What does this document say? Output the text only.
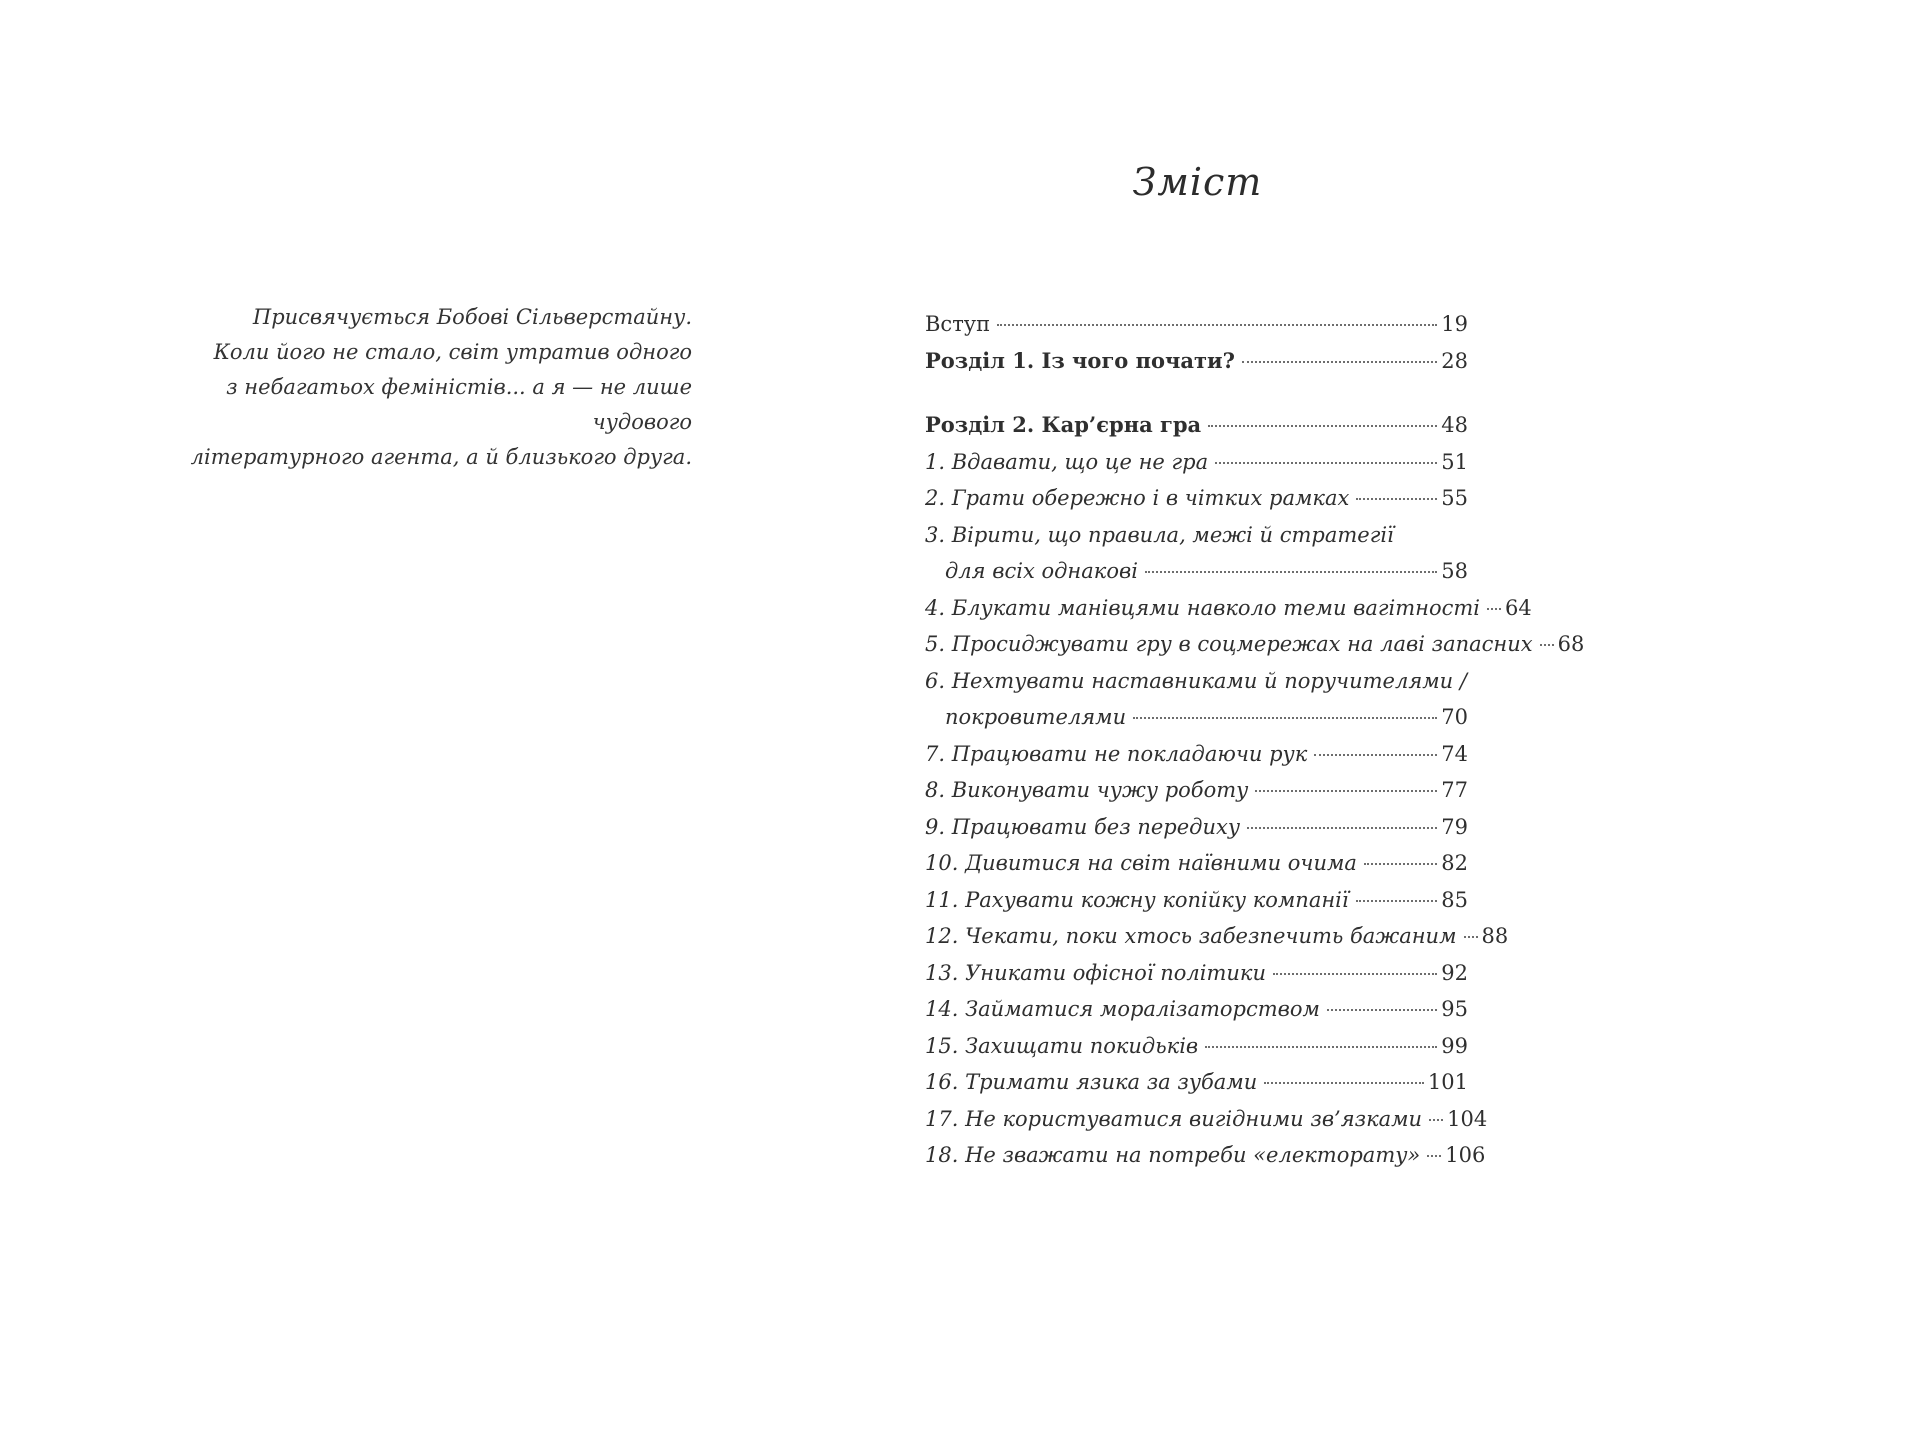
Присвячується Бобові Сільверстайну.
Коли його не стало, світ утратив одного
з небагатьох феміністів... а я — не лише чудового
літературного агента, а й близького друга.
Зміст
Вступ	19
Розділ 1. Із чого почати?	28
Розділ 2. Кар’єрна гра	48
1. Вдавати, що це не гра	51
2. Грати обережно і в чітких рамках	55
3. Вірити, що правила, межі й стратегії
для всіх однакові	58
4. Блукати манівцями навколо теми вагітності 64
5. Просиджувати гру в соцмережах на лаві запасних 68
6. Нехтувати наставниками й поручителями /
покровителями	70
7. Працювати не покладаючи рук	74
8. Виконувати чужу роботу	77
9. Працювати без передиху	79
10. Дивитися на світ наївними очима	82
11. Рахувати кожну копійку компанії	85
12. Чекати, поки хтось забезпечить бажаним 88
13. Уникати офісної політики	92
14. Займатися моралізаторством	95
15. Захищати покидьків	99
16. Тримати язика за зубами	101
17. Не користуватися вигідними зв’язками 104
18. Не зважати на потреби «електорату» 106
